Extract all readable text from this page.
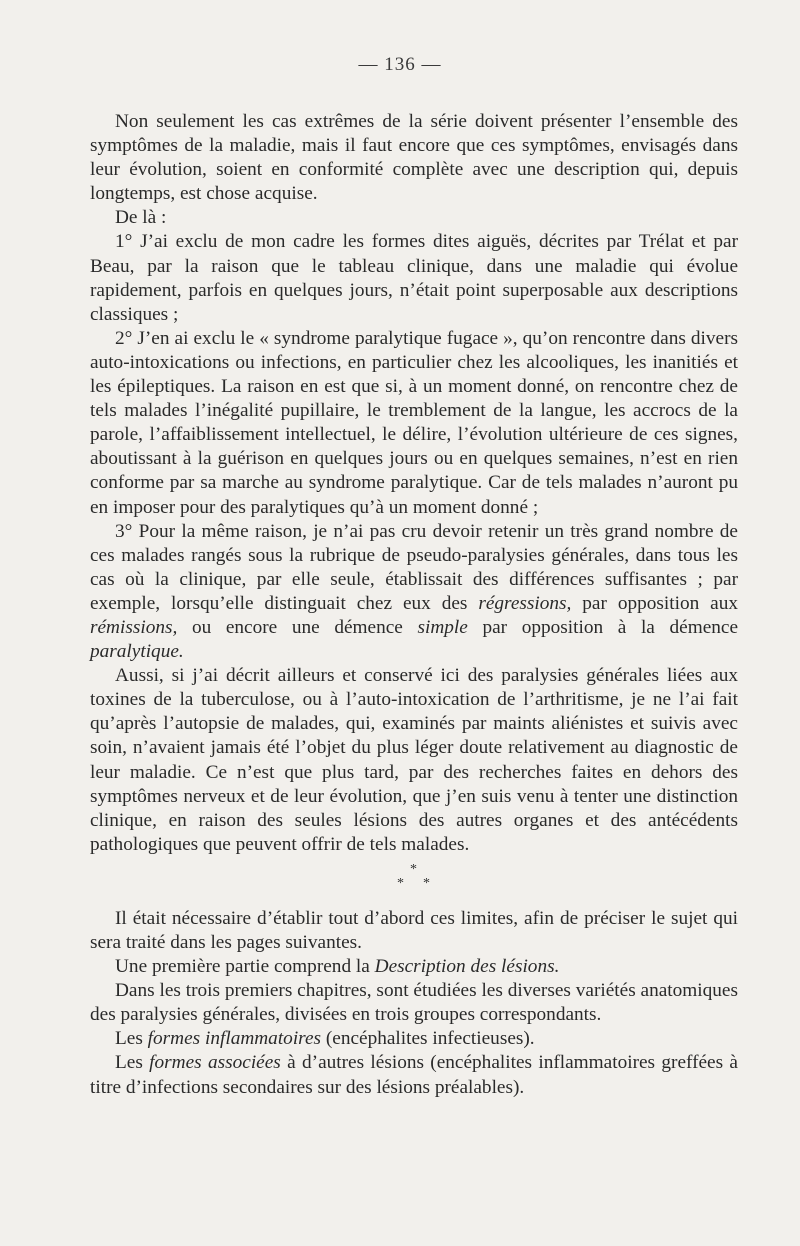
— 136 —

Non seulement les cas extrêmes de la série doivent présenter l’ensemble des symptômes de la maladie, mais il faut encore que ces symptômes, envisagés dans leur évolution, soient en conformité complète avec une description qui, depuis longtemps, est chose acquise.

De là :

1° J’ai exclu de mon cadre les formes dites aiguës, décrites par Trélat et par Beau, par la raison que le tableau clinique, dans une maladie qui évolue rapidement, parfois en quelques jours, n’était point superposable aux descriptions classiques ;

2° J’en ai exclu le « syndrome paralytique fugace », qu’on rencontre dans divers auto-intoxications ou infections, en particulier chez les alcooliques, les inanitiés et les épileptiques. La raison en est que si, à un moment donné, on rencontre chez de tels malades l’inégalité pupillaire, le tremblement de la langue, les accrocs de la parole, l’affaiblissement intellectuel, le délire, l’évolution ultérieure de ces signes, aboutissant à la guérison en quelques jours ou en quelques semaines, n’est en rien conforme par sa marche au syndrome paralytique. Car de tels malades n’auront pu en imposer pour des paralytiques qu’à un moment donné ;

3° Pour la même raison, je n’ai pas cru devoir retenir un très grand nombre de ces malades rangés sous la rubrique de pseudo-paralysies générales, dans tous les cas où la clinique, par elle seule, établissait des différences suffisantes ; par exemple, lorsqu’elle distinguait chez eux des régressions, par opposition aux rémissions, ou encore une démence simple par opposition à la démence paralytique.

Aussi, si j’ai décrit ailleurs et conservé ici des paralysies générales liées aux toxines de la tuberculose, ou à l’auto-intoxication de l’arthritisme, je ne l’ai fait qu’après l’autopsie de malades, qui, examinés par maints aliénistes et suivis avec soin, n’avaient jamais été l’objet du plus léger doute relativement au diagnostic de leur maladie. Ce n’est que plus tard, par des recherches faites en dehors des symptômes nerveux et de leur évolution, que j’en suis venu à tenter une distinction clinique, en raison des seules lésions des autres organes et des antécédents pathologiques que peuvent offrir de tels malades.

*
* *

Il était nécessaire d’établir tout d’abord ces limites, afin de préciser le sujet qui sera traité dans les pages suivantes.

Une première partie comprend la Description des lésions.

Dans les trois premiers chapitres, sont étudiées les diverses variétés anatomiques des paralysies générales, divisées en trois groupes correspondants.

Les formes inflammatoires (encéphalites infectieuses).

Les formes associées à d’autres lésions (encéphalites inflammatoires greffées à titre d’infections secondaires sur des lésions préalables).
